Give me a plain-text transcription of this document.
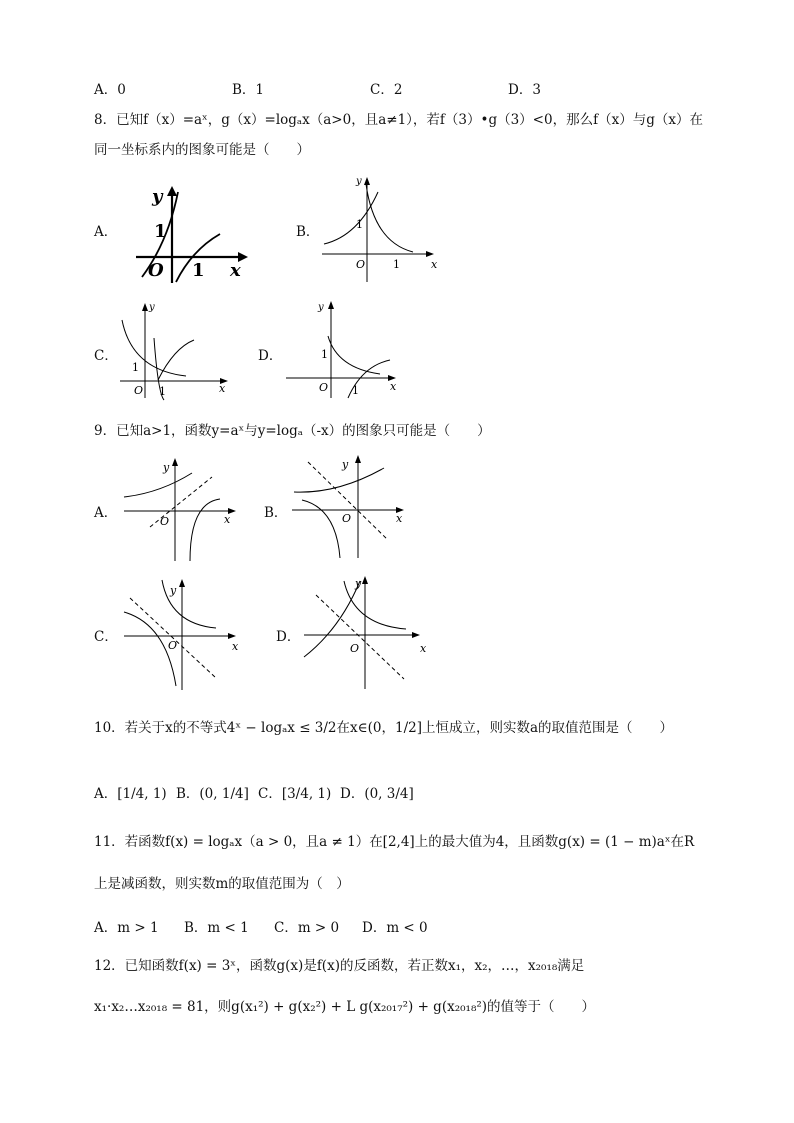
A．0	B．1	C．2	D．3
8．已知f（x）=aˣ，g（x）=logₐx（a>0，且a≠1），若f（3）•g（3）<0，那么f（x）与g（x）在
同一坐标系内的图象可能是（　　）
A．
y
1
O 1 x
B．
y
1
O	1	x
C．
y
1
O 1	x
D．
y
1
O 1	x
9．已知a>1，函数y=aˣ与y=logₐ（-x）的图象只可能是（　　）
A．
y
O	x	B．
y
O	x
C．
y
O	x
D．
y
O	x
10．若关于x的不等式4ˣ − logₐx ≤ 3/2在x∈(0，1/2]上恒成立，则实数a的取值范围是（　　）
A．[1/4, 1) B．(0, 1/4] C．[3/4, 1) D．(0, 3/4]
11．若函数f(x) = logₐx（a > 0，且a ≠ 1）在[2,4]上的最大值为4，且函数g(x) = (1 − m)aˣ在R
上是减函数，则实数m的取值范围为（　）
A．m > 1 B．m < 1 C．m > 0 D．m < 0
12．已知函数f(x) = 3ˣ，函数g(x)是f(x)的反函数，若正数x₁，x₂，…，x₂₀₁₈满足
x₁·x₂…x₂₀₁₈ = 81，则g(x₁²) + g(x₂²) + L g(x₂₀₁₇²) + g(x₂₀₁₈²)的值等于（　　）
